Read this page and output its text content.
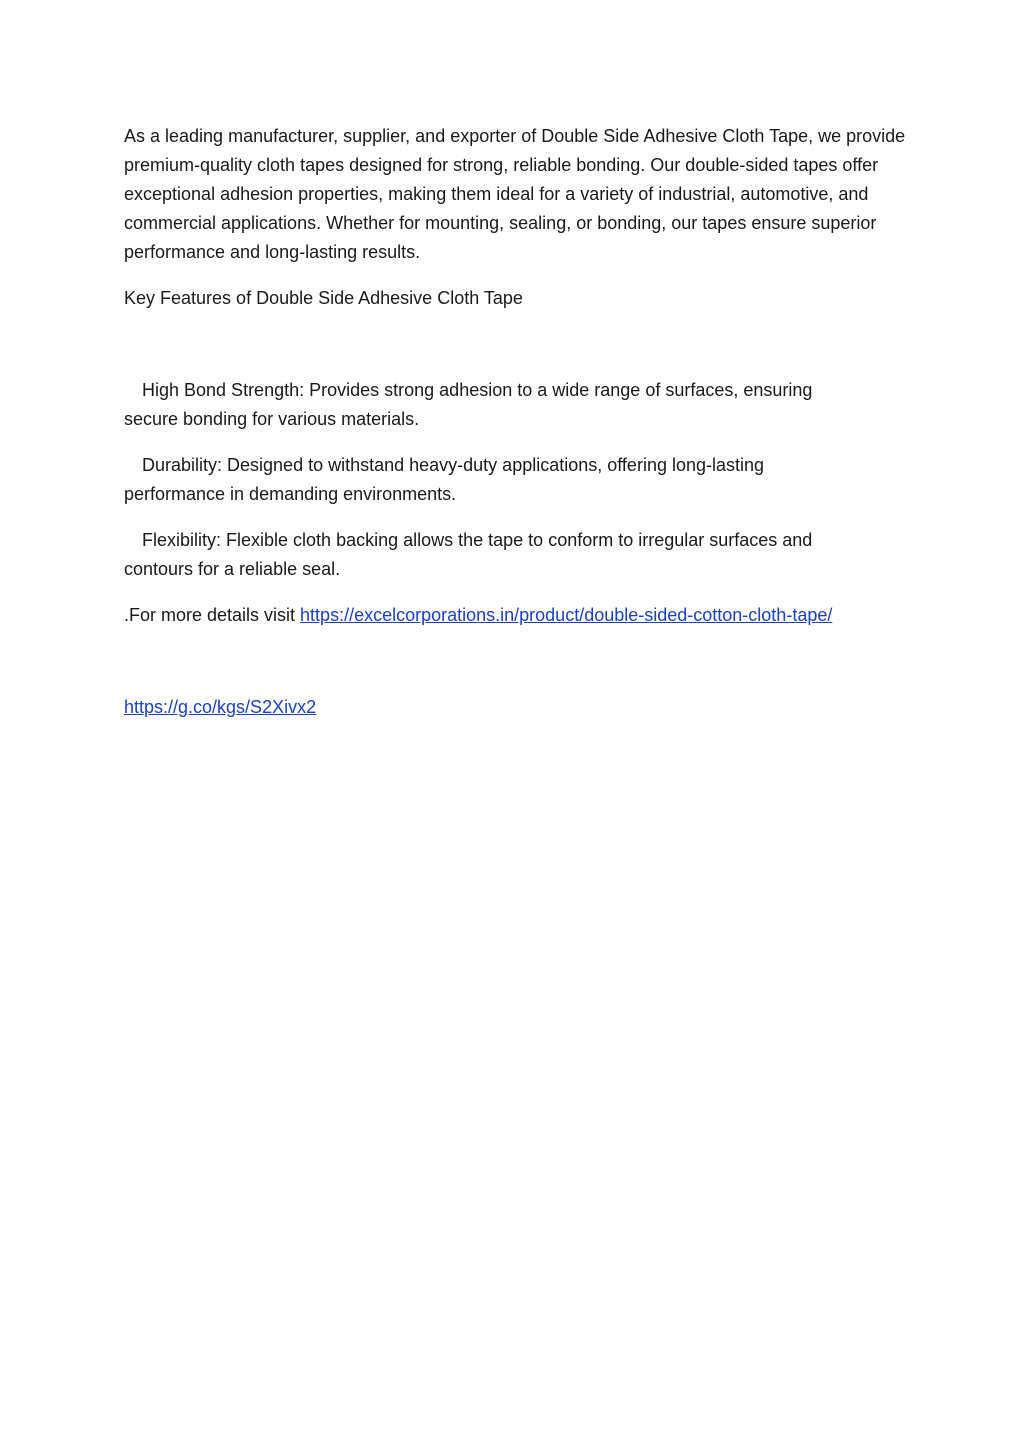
As a leading manufacturer, supplier, and exporter of Double Side Adhesive Cloth Tape, we provide premium-quality cloth tapes designed for strong, reliable bonding. Our double-sided tapes offer exceptional adhesion properties, making them ideal for a variety of industrial, automotive, and commercial applications. Whether for mounting, sealing, or bonding, our tapes ensure superior performance and long-lasting results.

Key Features of Double Side Adhesive Cloth Tape

High Bond Strength: Provides strong adhesion to a wide range of surfaces, ensuring secure bonding for various materials.

Durability: Designed to withstand heavy-duty applications, offering long-lasting performance in demanding environments.

Flexibility: Flexible cloth backing allows the tape to conform to irregular surfaces and contours for a reliable seal.

.For more details visit https://excelcorporations.in/product/double-sided-cotton-cloth-tape/

https://g.co/kgs/S2Xivx2
